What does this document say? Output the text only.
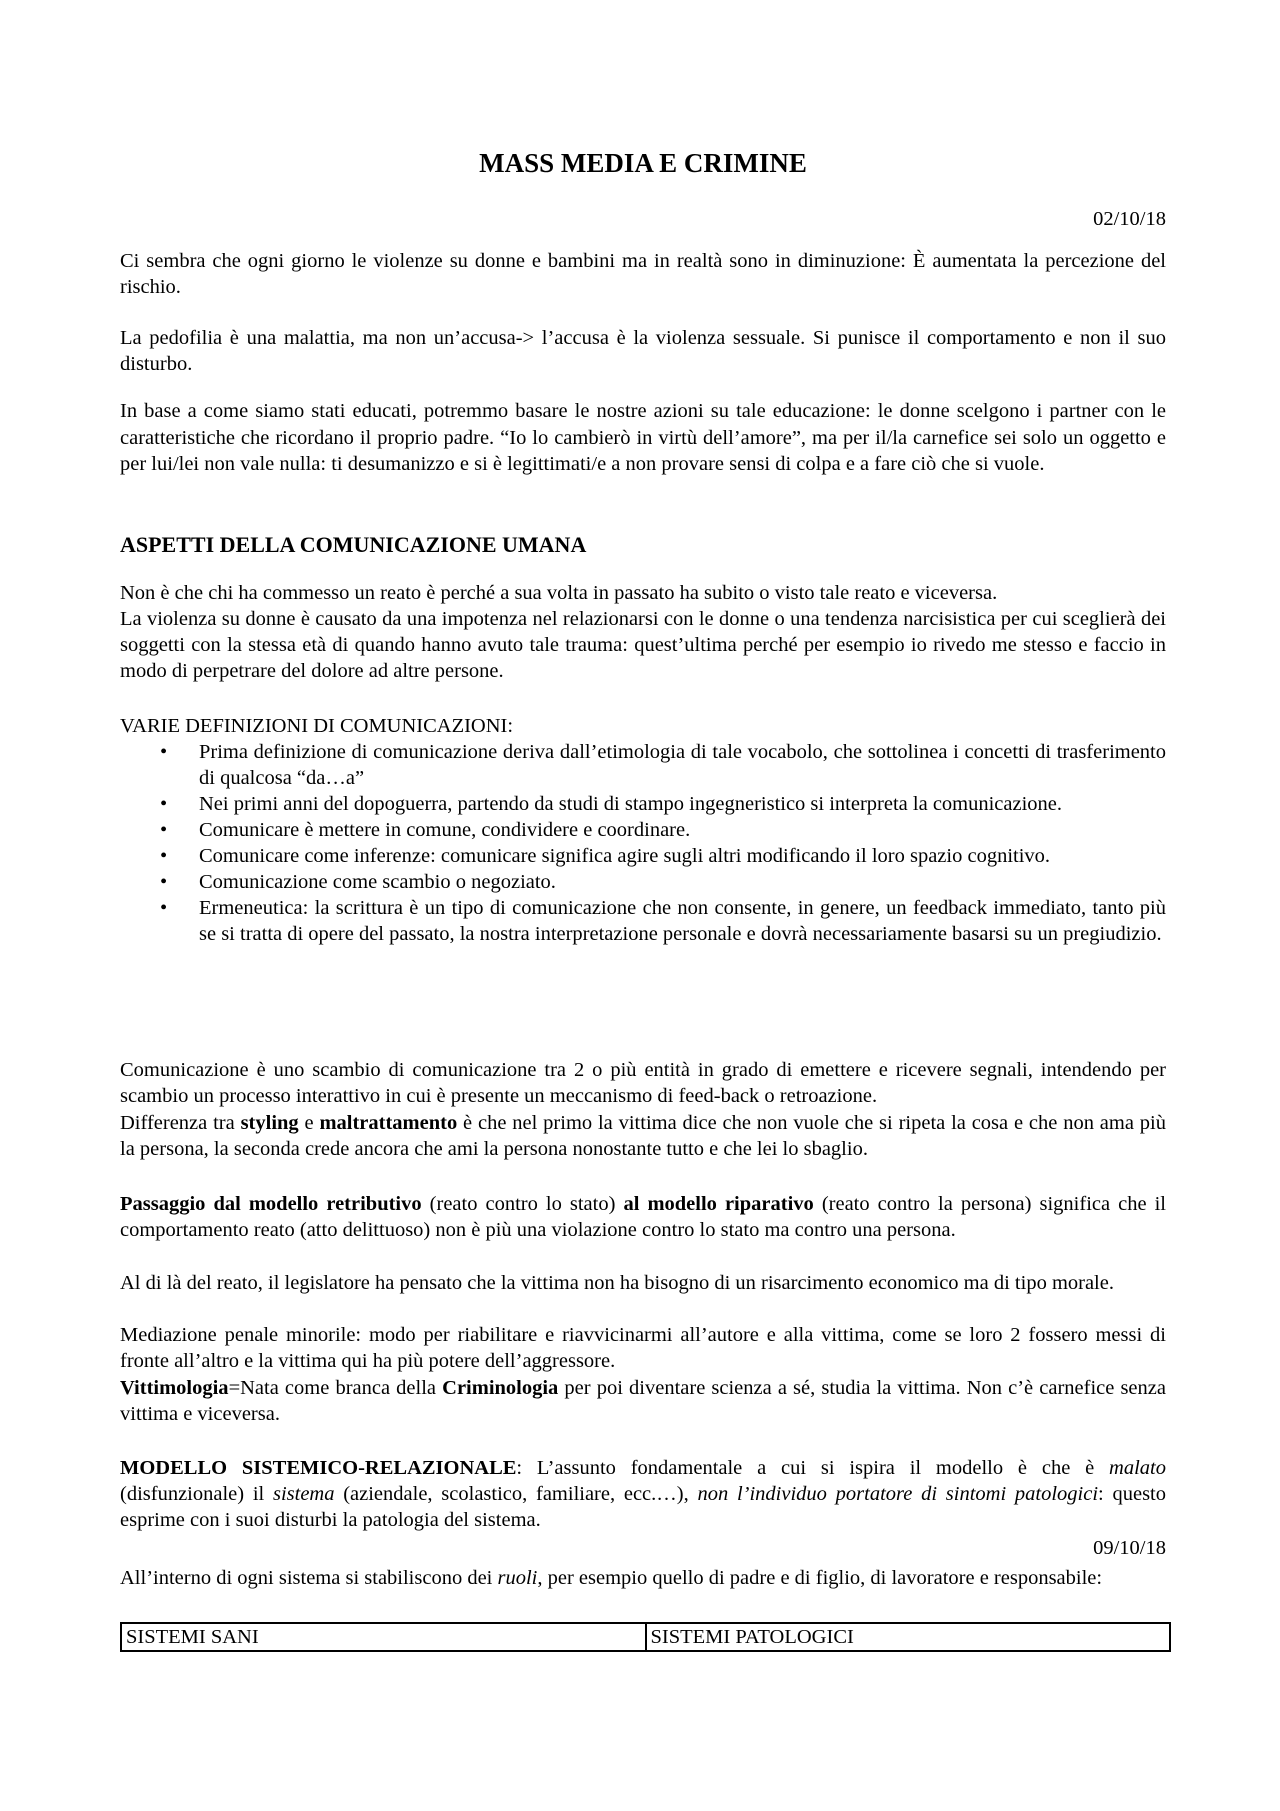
MASS MEDIA E CRIMINE
02/10/18

Ci sembra che ogni giorno le violenze su donne e bambini ma in realtà sono in diminuzione: È aumentata la percezione del rischio.

La pedofilia è una malattia, ma non un’accusa-> l’accusa è la violenza sessuale. Si punisce il comportamento e non il suo disturbo.

In base a come siamo stati educati, potremmo basare le nostre azioni su tale educazione: le donne scelgono i partner con le caratteristiche che ricordano il proprio padre. “Io lo cambierò in virtù dell’amore”, ma per il/la carnefice sei solo un oggetto e per lui/lei non vale nulla: ti desumanizzo e si è legittimati/e a non provare sensi di colpa e a fare ciò che si vuole.

ASPETTI DELLA COMUNICAZIONE UMANA

Non è che chi ha commesso un reato è perché a sua volta in passato ha subito o visto tale reato e viceversa.

La violenza su donne è causato da una impotenza nel relazionarsi con le donne o una tendenza narcisistica per cui sceglierà dei soggetti con la stessa età di quando hanno avuto tale trauma: quest’ultima perché per esempio io rivedo me stesso e faccio in modo di perpetrare del dolore ad altre persone.

VARIE DEFINIZIONI DI COMUNICAZIONI:
• Prima definizione di comunicazione deriva dall’etimologia di tale vocabolo, che sottolinea i concetti di trasferimento di qualcosa “da…a”
• Nei primi anni del dopoguerra, partendo da studi di stampo ingegneristico si interpreta la comunicazione.
• Comunicare è mettere in comune, condividere e coordinare.
• Comunicare come inferenze: comunicare significa agire sugli altri modificando il loro spazio cognitivo.
• Comunicazione come scambio o negoziato.
• Ermeneutica: la scrittura è un tipo di comunicazione che non consente, in genere, un feedback immediato, tanto più se si tratta di opere del passato, la nostra interpretazione personale e dovrà necessariamente basarsi su un pregiudizio.

Comunicazione è uno scambio di comunicazione tra 2 o più entità in grado di emettere e ricevere segnali, intendendo per scambio un processo interattivo in cui è presente un meccanismo di feed-back o retroazione.

Differenza tra styling e maltrattamento è che nel primo la vittima dice che non vuole che si ripeta la cosa e che non ama più la persona, la seconda crede ancora che ami la persona nonostante tutto e che lei lo sbaglio.

Passaggio dal modello retributivo (reato contro lo stato) al modello riparativo (reato contro la persona) significa che il comportamento reato (atto delittuoso) non è più una violazione contro lo stato ma contro una persona.

Al di là del reato, il legislatore ha pensato che la vittima non ha bisogno di un risarcimento economico ma di tipo morale.

Mediazione penale minorile: modo per riabilitare e riavvicinarmi all’autore e alla vittima, come se loro 2 fossero messi di fronte all’altro e la vittima qui ha più potere dell’aggressore.

Vittimologia=Nata come branca della Criminologia per poi diventare scienza a sé, studia la vittima. Non c’è carnefice senza vittima e viceversa.

MODELLO SISTEMICO-RELAZIONALE: L’assunto fondamentale a cui si ispira il modello è che è malato (disfunzionale) il sistema (aziendale, scolastico, familiare, ecc.…), non l’individuo portatore di sintomi patologici: questo esprime con i suoi disturbi la patologia del sistema.

09/10/18

All’interno di ogni sistema si stabiliscono dei ruoli, per esempio quello di padre e di figlio, di lavoratore e responsabile:

SISTEMI SANI	SISTEMI PATOLOGICI
